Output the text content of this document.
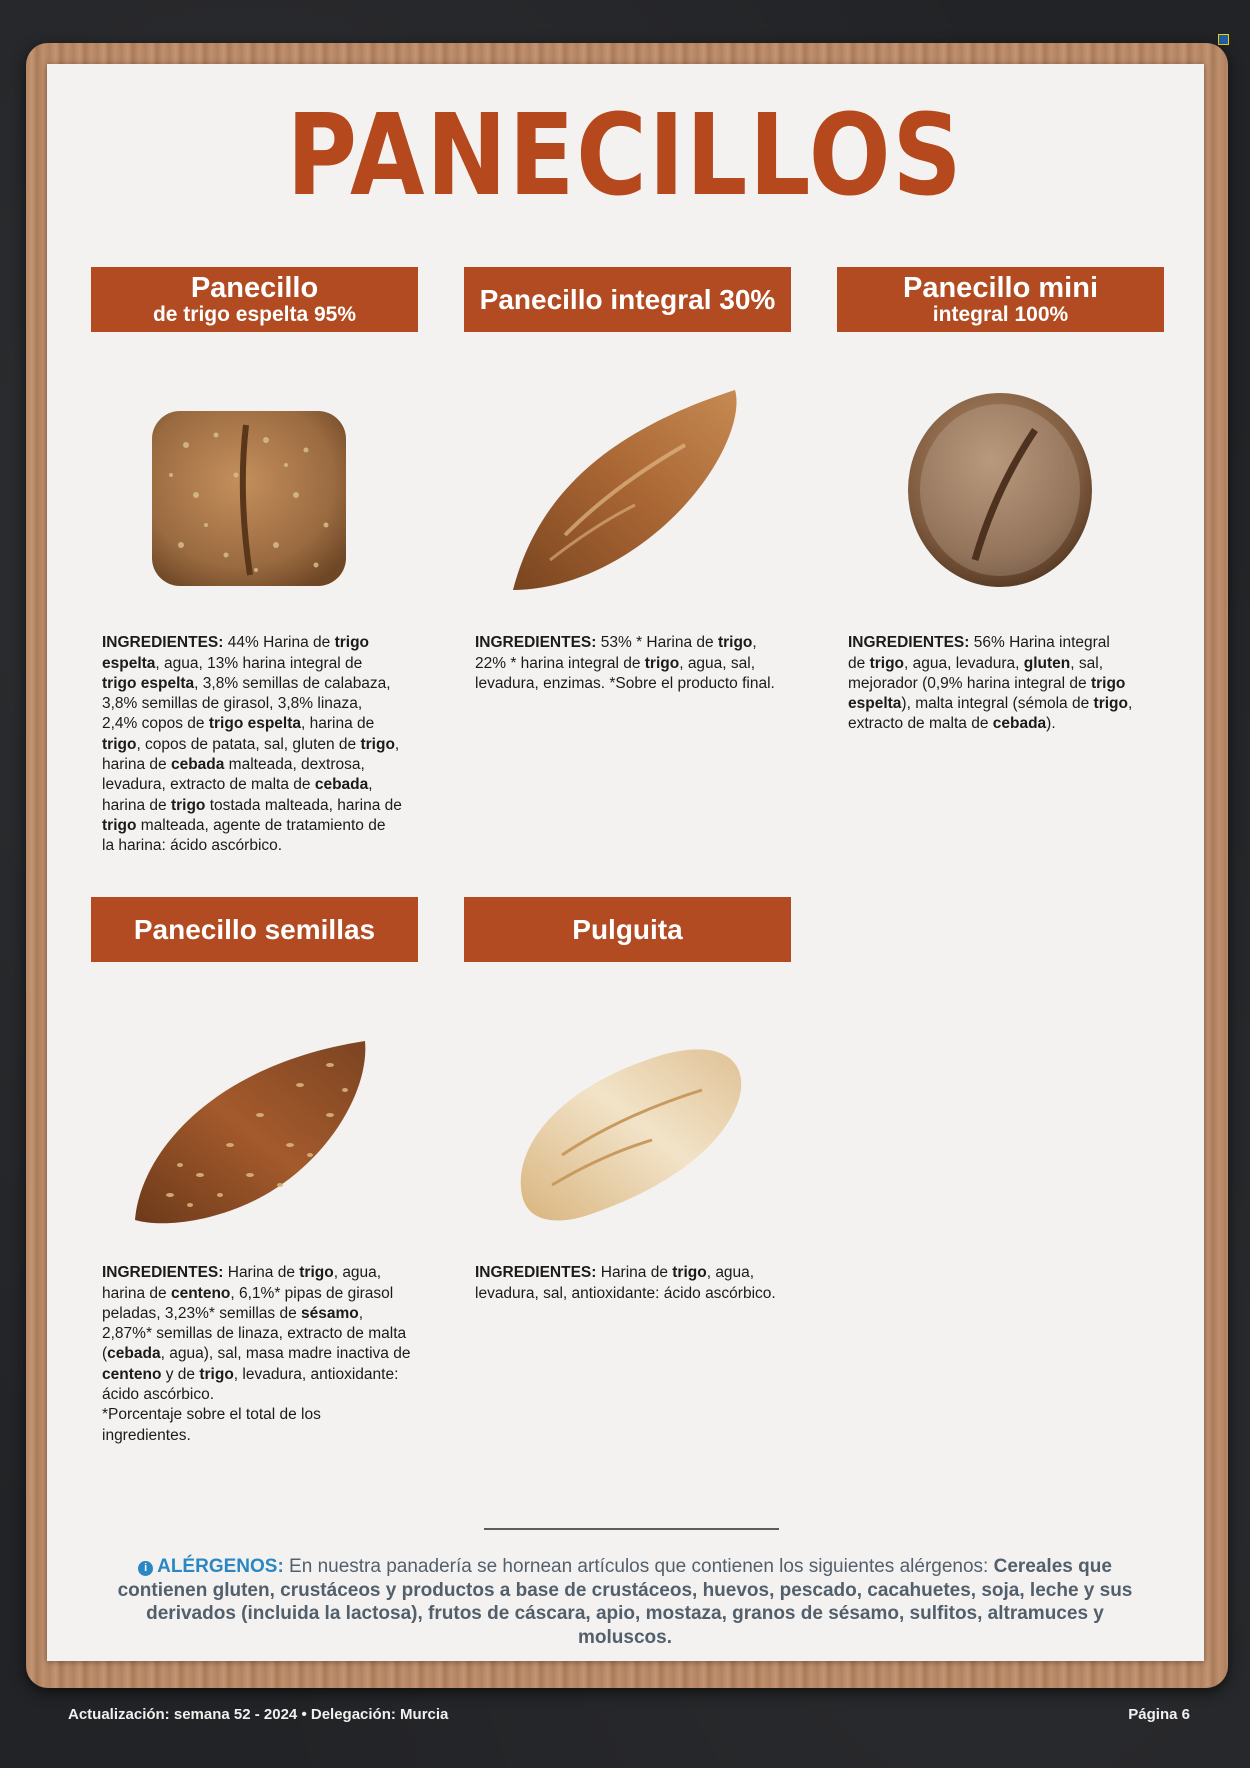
PANECILLOS
Panecillo
de trigo espelta 95%

INGREDIENTES: 44% Harina de trigo
espelta, agua, 13% harina integral de
trigo espelta, 3,8% semillas de calabaza,
3,8% semillas de girasol, 3,8% linaza,
2,4% copos de trigo espelta, harina de
trigo, copos de patata, sal, gluten de trigo,
harina de cebada malteada, dextrosa,
levadura, extracto de malta de cebada,
harina de trigo tostada malteada, harina de
trigo malteada, agente de tratamiento de
la harina: ácido ascórbico.

Panecillo integral 30%

INGREDIENTES: 53% * Harina de trigo,
22% * harina integral de trigo, agua, sal,
levadura, enzimas. *Sobre el producto final.

Panecillo mini
integral 100%

INGREDIENTES: 56% Harina integral
de trigo, agua, levadura, gluten, sal,
mejorador (0,9% harina integral de trigo
espelta), malta integral (sémola de trigo,
extracto de malta de cebada).

Panecillo semillas

INGREDIENTES: Harina de trigo, agua,
harina de centeno, 6,1%* pipas de girasol
peladas, 3,23%* semillas de sésamo,
2,87%* semillas de linaza, extracto de malta
(cebada, agua), sal, masa madre inactiva de
centeno y de trigo, levadura, antioxidante:
ácido ascórbico.
*Porcentaje sobre el total de los
ingredientes.

Pulguita

INGREDIENTES: Harina de trigo, agua,
levadura, sal, antioxidante: ácido ascórbico.

i ALÉRGENOS: En nuestra panadería se hornean artículos que contienen los siguientes alérgenos: Cereales que contienen gluten, crustáceos y productos a base de crustáceos, huevos, pescado, cacahuetes, soja, leche y sus derivados (incluida la lactosa), frutos de cáscara, apio, mostaza, granos de sésamo, sulfitos, altramuces y moluscos.
Actualización: semana 52 - 2024 • Delegación: Murcia	Página 6
